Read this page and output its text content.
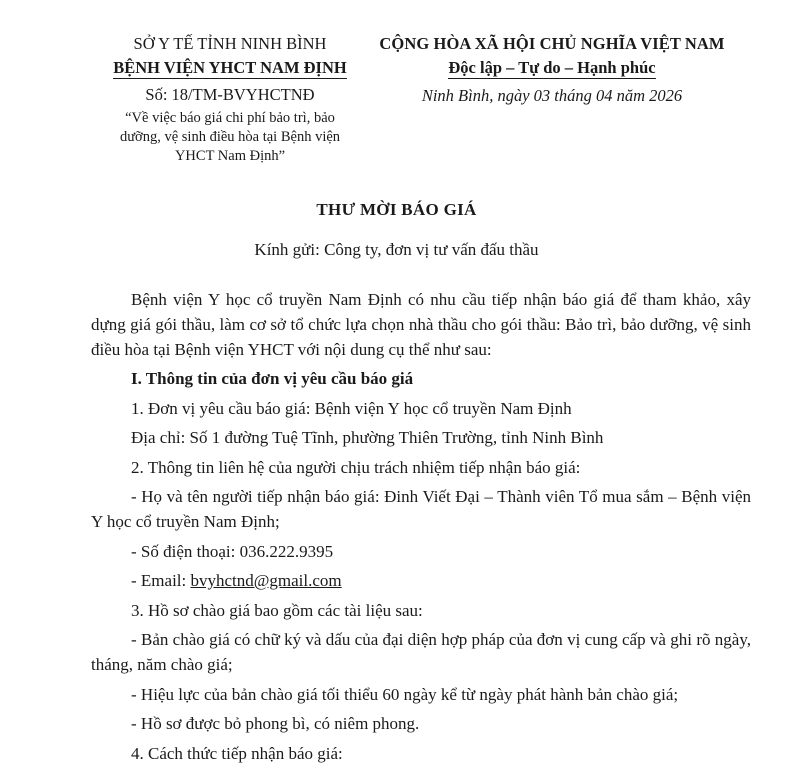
SỞ Y TẾ TỈNH NINH BÌNH
BỆNH VIỆN YHCT NAM ĐỊNH
Số: 18/TM-BVYHCTNĐ
“Về việc báo giá chi phí bảo trì, bảo dưỡng, vệ sinh điều hòa tại Bệnh viện YHCT Nam Định”
CỘNG HÒA XÃ HỘI CHỦ NGHĨA VIỆT NAM
Độc lập – Tự do – Hạnh phúc
Ninh Bình, ngày 03 tháng 04 năm 2026
THƯ MỜI BÁO GIÁ
Kính gửi: Công ty, đơn vị tư vấn đấu thầu

Bệnh viện Y học cổ truyền Nam Định có nhu cầu tiếp nhận báo giá để tham khảo, xây dựng giá gói thầu, làm cơ sở tổ chức lựa chọn nhà thầu cho gói thầu: Bảo trì, bảo dưỡng, vệ sinh điều hòa tại Bệnh viện YHCT với nội dung cụ thể như sau:

I. Thông tin của đơn vị yêu cầu báo giá

1. Đơn vị yêu cầu báo giá: Bệnh viện Y học cổ truyền Nam Định

Địa chỉ: Số 1 đường Tuệ Tĩnh, phường Thiên Trường, tỉnh Ninh Bình

2. Thông tin liên hệ của người chịu trách nhiệm tiếp nhận báo giá:

- Họ và tên người tiếp nhận báo giá: Đinh Viết Đại – Thành viên Tổ mua sắm – Bệnh viện Y học cổ truyền Nam Định;

- Số điện thoại: 036.222.9395

- Email: bvyhctnd@gmail.com

3. Hồ sơ chào giá bao gồm các tài liệu sau:

- Bản chào giá có chữ ký và dấu của đại diện hợp pháp của đơn vị cung cấp và ghi rõ ngày, tháng, năm chào giá;

- Hiệu lực của bản chào giá tối thiểu 60 ngày kể từ ngày phát hành bản chào giá;

- Hồ sơ được bỏ phong bì, có niêm phong.

4. Cách thức tiếp nhận báo giá:
